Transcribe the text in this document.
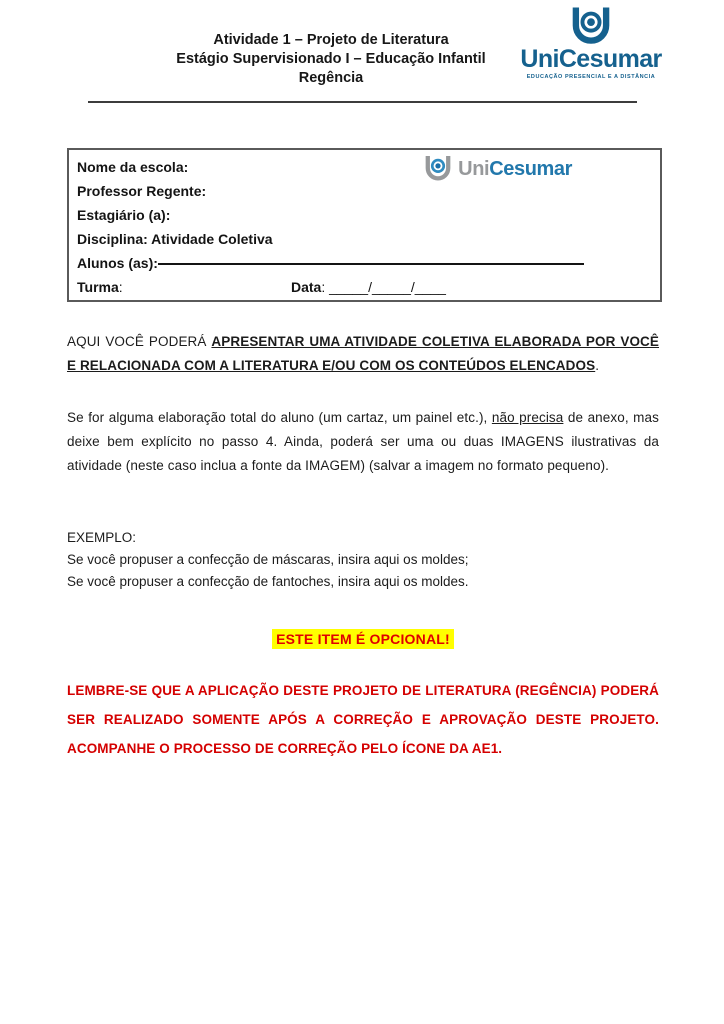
Atividade 1 – Projeto de Literatura
Estágio Supervisionado I – Educação Infantil
Regência
UniCesumar
EDUCAÇÃO PRESENCIAL E A DISTÂNCIA
UniCesumar
Nome da escola:
Professor Regente:
Estagiário (a):
Disciplina: Atividade Coletiva
Alunos (as):
Turma:	Data: _____/_____/____

AQUI VOCÊ PODERÁ APRESENTAR UMA ATIVIDADE COLETIVA ELABORADA POR VOCÊ E RELACIONADA COM A LITERATURA E/OU COM OS CONTEÚDOS ELENCADOS.

Se for alguma elaboração total do aluno (um cartaz, um painel etc.), não precisa de anexo, mas deixe bem explícito no passo 4. Ainda, poderá ser uma ou duas IMAGENS ilustrativas da atividade (neste caso inclua a fonte da IMAGEM) (salvar a imagem no formato pequeno).

EXEMPLO:
Se você propuser a confecção de máscaras, insira aqui os moldes;
Se você propuser a confecção de fantoches, insira aqui os moldes.
ESTE ITEM É OPCIONAL!

LEMBRE-SE QUE A APLICAÇÃO DESTE PROJETO DE LITERATURA (REGÊNCIA) PODERÁ SER REALIZADO SOMENTE APÓS A CORREÇÃO E APROVAÇÃO DESTE PROJETO. ACOMPANHE O PROCESSO DE CORREÇÃO PELO ÍCONE DA AE1.
